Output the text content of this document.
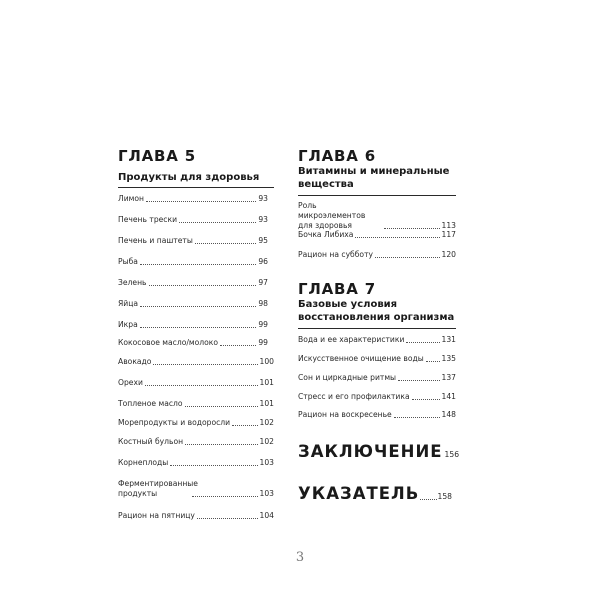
ГЛАВА 5
Продукты для здоровья
Лимон	93
Печень трески	93
Печень и паштеты	95
Рыба	96
Зелень	97
Яйца	98
Икра	99
Кокосовое масло/молоко	99
Авокадо	100
Орехи	101
Топленое масло	101
Морепродукты и водоросли	102
Костный бульон	102
Корнеплоды	103
Ферментированные продукты	103
Рацион на пятницу	104
ГЛАВА 6
Витамины и минеральные
вещества
Роль микроэлементов для здоровья	113
Бочка Либиха	117
Рацион на субботу	120
ГЛАВА 7
Базовые условия
восстановления организма
Вода и ее характеристики	131
Искусственное очищение воды 135
Сон и циркадные ритмы	137
Стресс и его профилактика	141
Рацион на воскресенье	148
ЗАКЛЮЧЕНИЕ 156
УКАЗАТЕЛЬ 158
3
